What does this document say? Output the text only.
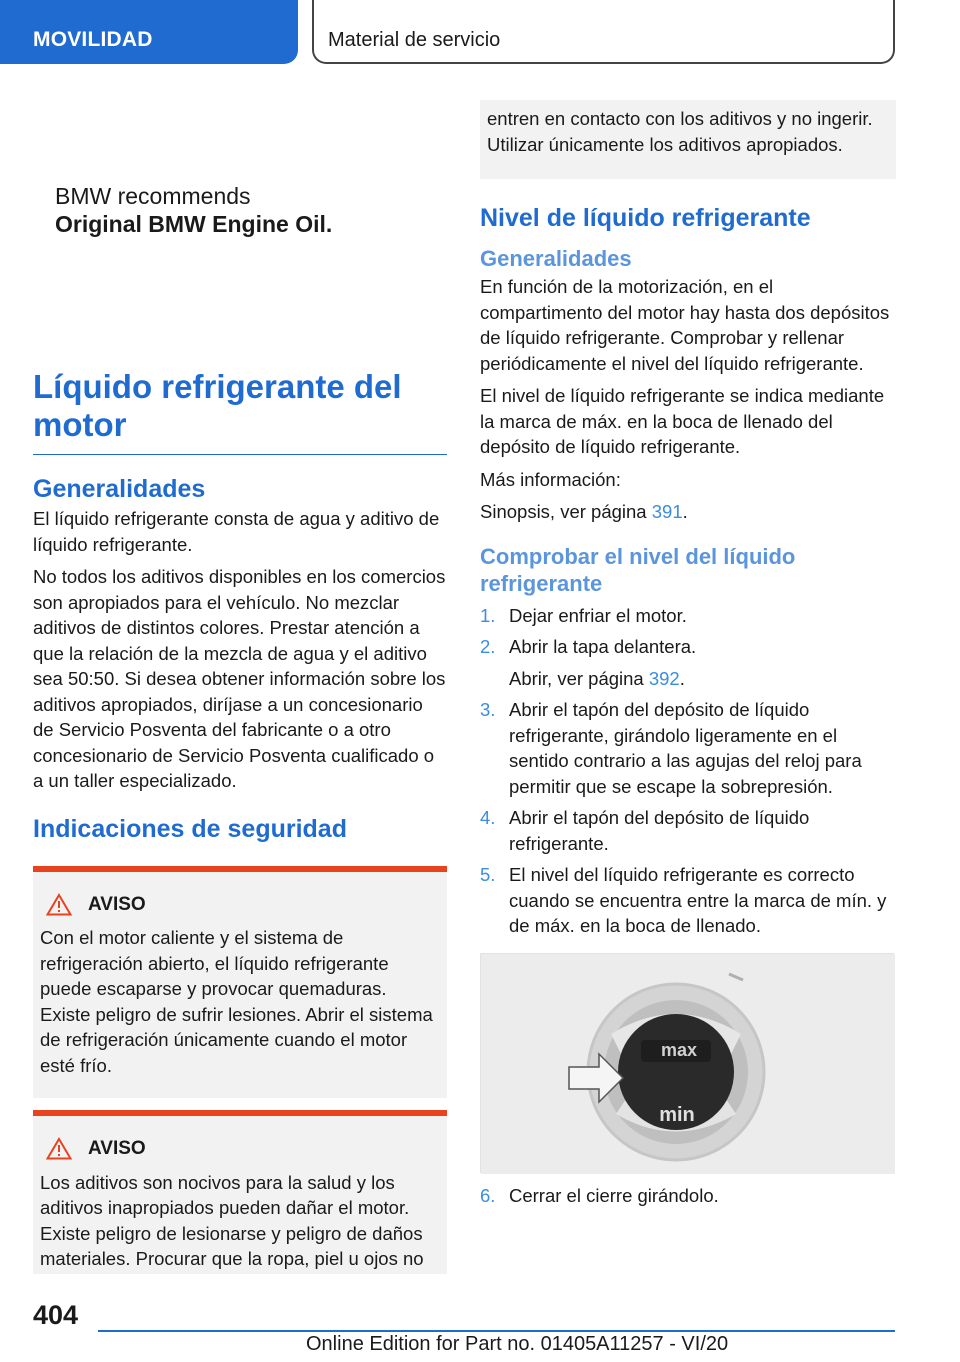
MOVILIDAD	Material de servicio
BMW recommends
Original BMW Engine Oil.
Líquido refrigerante del motor
Generalidades

El líquido refrigerante consta de agua y aditivo de líquido refrigerante.

No todos los aditivos disponibles en los comercios son apropiados para el vehículo. No mezclar aditivos de distintos colores. Prestar atención a que la relación de la mezcla de agua y el aditivo sea 50:50. Si desea obtener información sobre los aditivos apropiados, diríjase a un concesionario de Servicio Posventa del fabricante o a otro concesionario de Servicio Posventa cualificado o a un taller especializado.

Indicaciones de seguridad
AVISO
Con el motor caliente y el sistema de refrigeración abierto, el líquido refrigerante puede escaparse y provocar quemaduras. Existe peligro de sufrir lesiones. Abrir el sistema de refrigeración únicamente cuando el motor esté frío.
AVISO
Los aditivos son nocivos para la salud y los aditivos inapropiados pueden dañar el motor. Existe peligro de lesionarse y peligro de daños materiales. Procurar que la ropa, piel u ojos no
entren en contacto con los aditivos y no ingerir. Utilizar únicamente los aditivos apropiados.
Nivel de líquido refrigerante
Generalidades

En función de la motorización, en el compartimento del motor hay hasta dos depósitos de líquido refrigerante. Comprobar y rellenar periódicamente el nivel del líquido refrigerante.

El nivel de líquido refrigerante se indica mediante la marca de máx. en la boca de llenado del depósito de líquido refrigerante.

Más información:

Sinopsis, ver página 391.

Comprobar el nivel del líquido refrigerante
1. Dejar enfriar el motor.
2. Abrir la tapa delantera.
Abrir, ver página 392.
3. Abrir el tapón del depósito de líquido refrigerante, girándolo ligeramente en el sentido contrario a las agujas del reloj para permitir que se escape la sobrepresión.
4. Abrir el tapón del depósito de líquido refrigerante.
5. El nivel del líquido refrigerante es correcto cuando se encuentra entre la marca de mín. y de máx. en la boca de llenado.
max
min
6. Cerrar el cierre girándolo.
404
Online Edition for Part no. 01405A11257 - VI/20
